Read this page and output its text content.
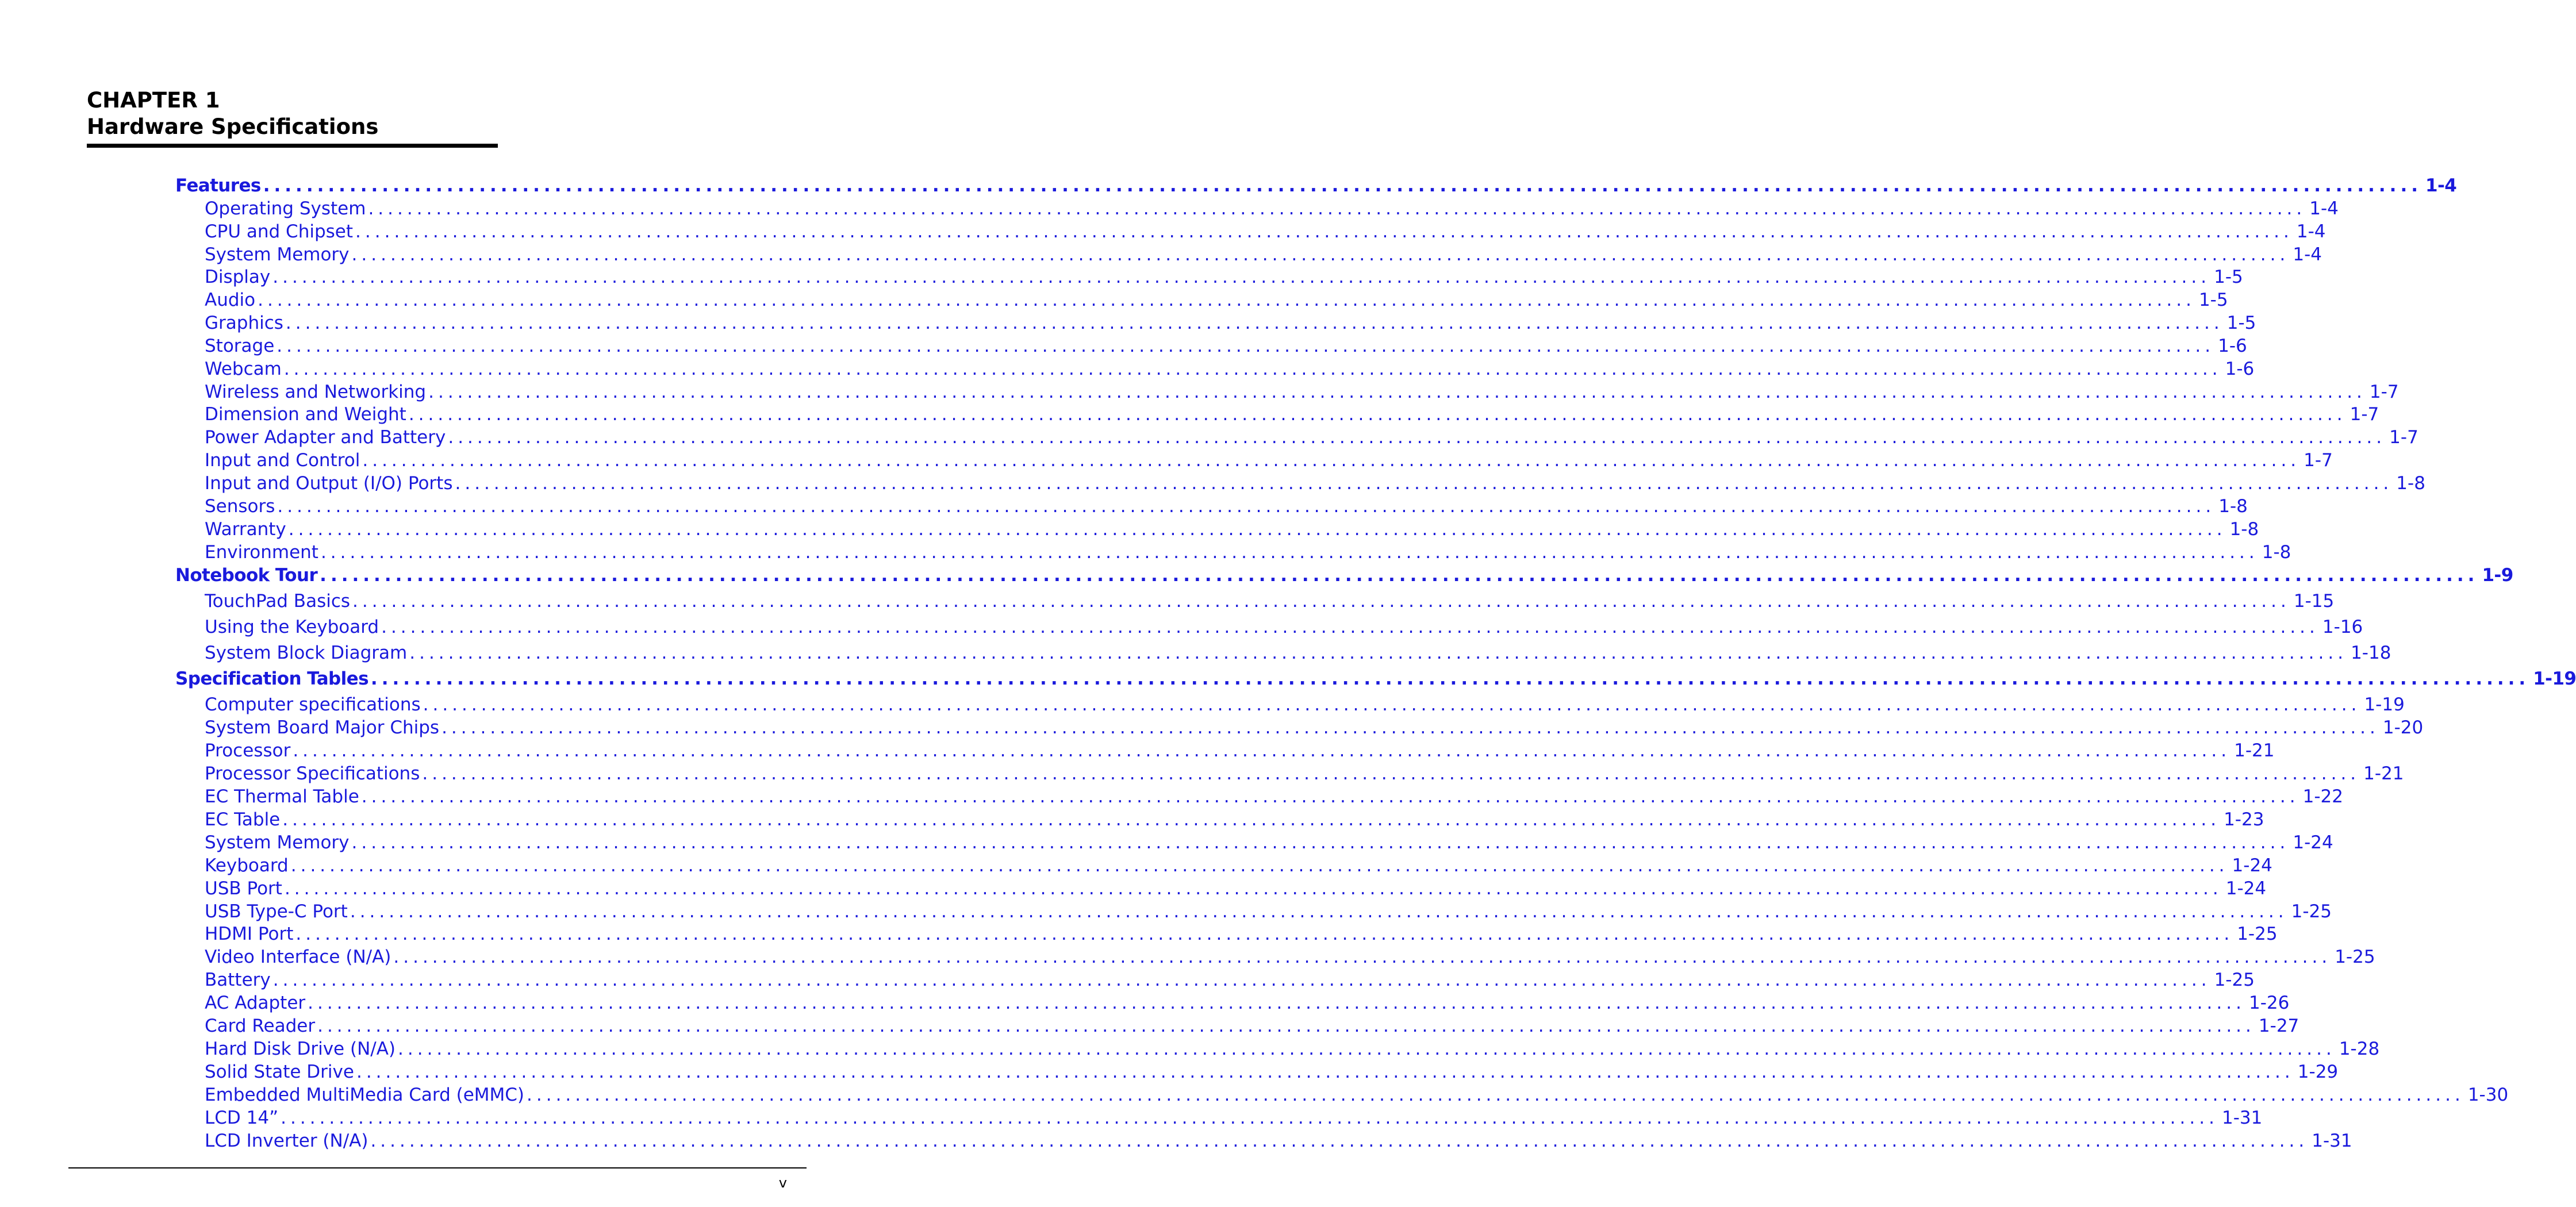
CHAPTER 1
Hardware Specifications
Features ........................................................................................................................................................................................................ 1-4
Operating System ........................................................................................................................................................................................................ 1-4
CPU and Chipset ........................................................................................................................................................................................................ 1-4
System Memory ........................................................................................................................................................................................................ 1-4
Display ........................................................................................................................................................................................................ 1-5
Audio ........................................................................................................................................................................................................ 1-5
Graphics ........................................................................................................................................................................................................ 1-5
Storage ........................................................................................................................................................................................................ 1-6
Webcam ........................................................................................................................................................................................................ 1-6
Wireless and Networking ........................................................................................................................................................................................................ 1-7
Dimension and Weight ........................................................................................................................................................................................................ 1-7
Power Adapter and Battery ........................................................................................................................................................................................................ 1-7
Input and Control ........................................................................................................................................................................................................ 1-7
Input and Output (I/O) Ports ........................................................................................................................................................................................................ 1-8
Sensors ........................................................................................................................................................................................................ 1-8
Warranty ........................................................................................................................................................................................................ 1-8
Environment ........................................................................................................................................................................................................ 1-8
Notebook Tour ........................................................................................................................................................................................................ 1-9
TouchPad Basics ........................................................................................................................................................................................................ 1-15
Using the Keyboard ........................................................................................................................................................................................................ 1-16
System Block Diagram ........................................................................................................................................................................................................ 1-18
Specification Tables ........................................................................................................................................................................................................ 1-19
Computer specifications ........................................................................................................................................................................................................ 1-19
System Board Major Chips ........................................................................................................................................................................................................ 1-20
Processor ........................................................................................................................................................................................................ 1-21
Processor Specifications ........................................................................................................................................................................................................ 1-21
EC Thermal Table ........................................................................................................................................................................................................ 1-22
EC Table ........................................................................................................................................................................................................ 1-23
System Memory ........................................................................................................................................................................................................ 1-24
Keyboard ........................................................................................................................................................................................................ 1-24
USB Port ........................................................................................................................................................................................................ 1-24
USB Type-C Port ........................................................................................................................................................................................................ 1-25
HDMI Port ........................................................................................................................................................................................................ 1-25
Video Interface (N/A) ........................................................................................................................................................................................................ 1-25
Battery ........................................................................................................................................................................................................ 1-25
AC Adapter ........................................................................................................................................................................................................ 1-26
Card Reader ........................................................................................................................................................................................................ 1-27
Hard Disk Drive (N/A) ........................................................................................................................................................................................................ 1-28
Solid State Drive ........................................................................................................................................................................................................ 1-29
Embedded MultiMedia Card (eMMC) ........................................................................................................................................................................................................ 1-30
LCD 14” ........................................................................................................................................................................................................ 1-31
LCD Inverter (N/A) ........................................................................................................................................................................................................ 1-31
v
